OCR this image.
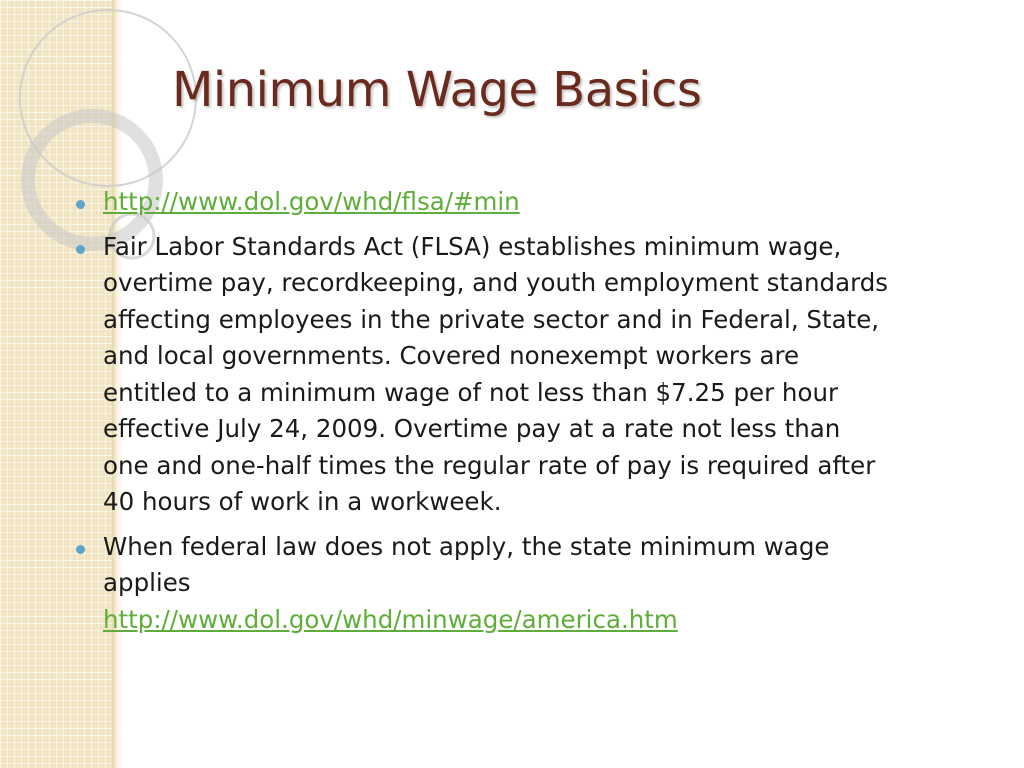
Minimum Wage Basics
http://www.dol.gov/whd/flsa/#min
Fair Labor Standards Act (FLSA) establishes minimum wage, overtime pay, recordkeeping, and youth employment standards affecting employees in the private sector and in Federal, State, and local governments. Covered nonexempt workers are entitled to a minimum wage of not less than $7.25 per hour effective July 24, 2009. Overtime pay at a rate not less than one and one-half times the regular rate of pay is required after 40 hours of work in a workweek.
When federal law does not apply, the state minimum wage applies
http://www.dol.gov/whd/minwage/america.htm
